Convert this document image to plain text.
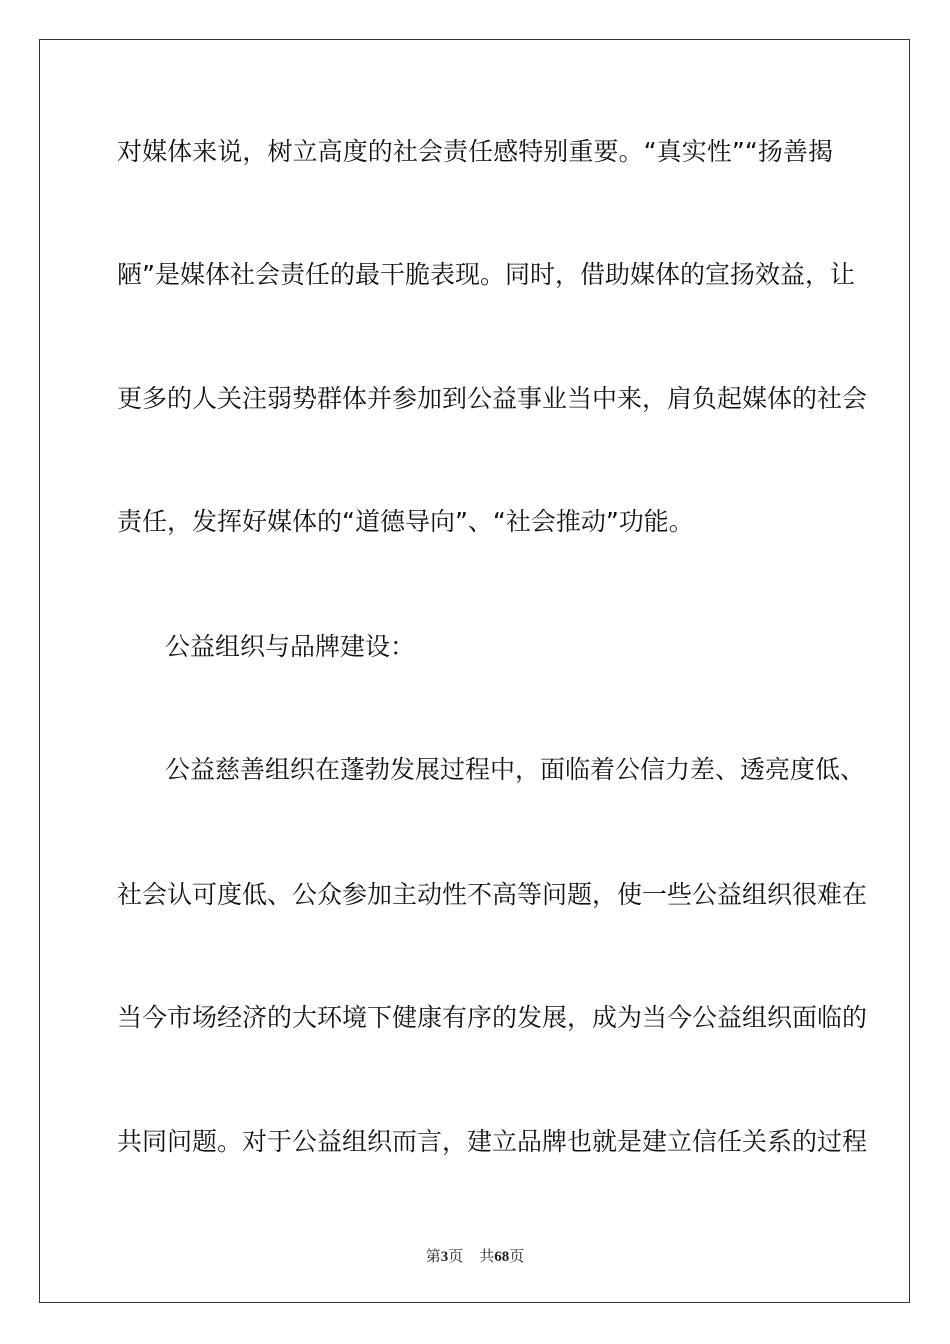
对媒体来说，树立高度的社会责任感特别重要。“真实性”“扬善揭
陋”是媒体社会责任的最干脆表现。同时，借助媒体的宣扬效益，让
更多的人关注弱势群体并参加到公益事业当中来，肩负起媒体的社会
责任，发挥好媒体的“道德导向”、“社会推动”功能。
公益组织与品牌建设：
公益慈善组织在蓬勃发展过程中，面临着公信力差、透亮度低、
社会认可度低、公众参加主动性不高等问题，使一些公益组织很难在
当今市场经济的大环境下健康有序的发展，成为当今公益组织面临的
共同问题。对于公益组织而言，建立品牌也就是建立信任关系的过程
第3页 共68页
